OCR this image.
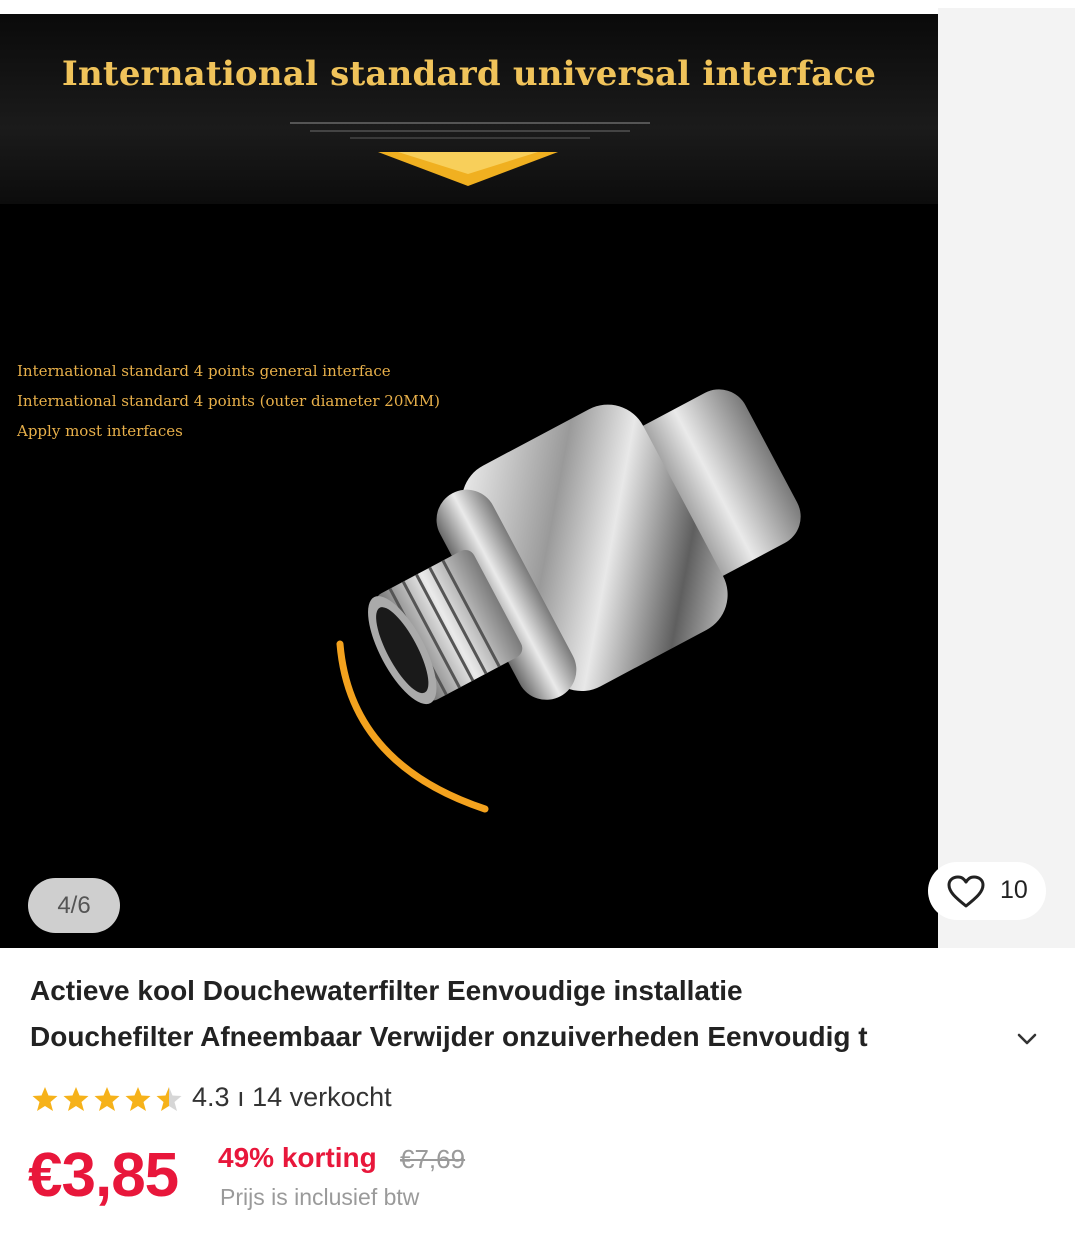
International standard universal interface
International standard 4 points general interface
International standard 4 points (outer diameter 20MM)
Apply most interfaces
4/6
10
Actieve kool Douchewaterfilter Eenvoudige installatie
Douchefilter Afneembaar Verwijder onzuiverheden Eenvoudig t
4.3 ı 14 verkocht
€3,85 49% korting €7,69
Prijs is inclusief btw
